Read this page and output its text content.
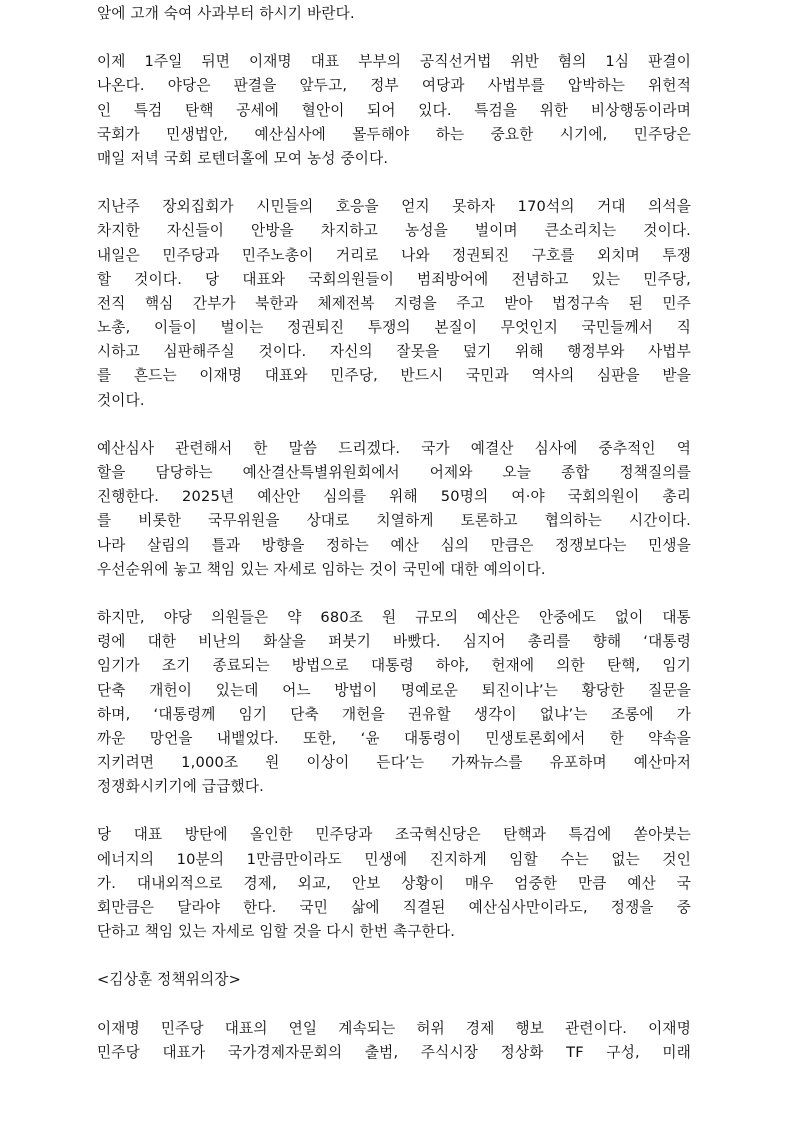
앞에 고개 숙여 사과부터 하시기 바란다.
이제 1주일 뒤면 이재명 대표 부부의 공직선거법 위반 혐의 1심 판결이
나온다. 야당은 판결을 앞두고, 정부 여당과 사법부를 압박하는 위헌적
인 특검 탄핵 공세에 혈안이 되어 있다. 특검을 위한 비상행동이라며
국회가 민생법안, 예산심사에 몰두해야 하는 중요한 시기에, 민주당은
매일 저녁 국회 로텐더홀에 모여 농성 중이다.
지난주 장외집회가 시민들의 호응을 얻지 못하자 170석의 거대 의석을
차지한 자신들이 안방을 차지하고 농성을 벌이며 큰소리치는 것이다.
내일은 민주당과 민주노총이 거리로 나와 정권퇴진 구호를 외치며 투쟁
할 것이다. 당 대표와 국회의원들이 범죄방어에 전념하고 있는 민주당,
전직 핵심 간부가 북한과 체제전복 지령을 주고 받아 법정구속 된 민주
노총, 이들이 벌이는 정권퇴진 투쟁의 본질이 무엇인지 국민들께서 직
시하고 심판해주실 것이다. 자신의 잘못을 덮기 위해 행정부와 사법부
를 흔드는 이재명 대표와 민주당, 반드시 국민과 역사의 심판을 받을
것이다.
예산심사 관련해서 한 말씀 드리겠다. 국가 예결산 심사에 중추적인 역
할을 담당하는 예산결산특별위원회에서 어제와 오늘 종합 정책질의를
진행한다. 2025년 예산안 심의를 위해 50명의 여·야 국회의원이 총리
를 비롯한 국무위원을 상대로 치열하게 토론하고 협의하는 시간이다.
나라 살림의 틀과 방향을 정하는 예산 심의 만큼은 정쟁보다는 민생을
우선순위에 놓고 책임 있는 자세로 임하는 것이 국민에 대한 예의이다.
하지만, 야당 의원들은 약 680조 원 규모의 예산은 안중에도 없이 대통
령에 대한 비난의 화살을 퍼붓기 바빴다. 심지어 총리를 향해 ‘대통령
임기가 조기 종료되는 방법으로 대통령 하야, 헌재에 의한 탄핵, 임기
단축 개헌이 있는데 어느 방법이 명예로운 퇴진이냐’는 황당한 질문을
하며, ‘대통령께 임기 단축 개헌을 권유할 생각이 없냐’는 조롱에 가
까운 망언을 내뱉었다. 또한, ‘윤 대통령이 민생토론회에서 한 약속을
지키려면 1,000조 원 이상이 든다’는 가짜뉴스를 유포하며 예산마저
정쟁화시키기에 급급했다.
당 대표 방탄에 올인한 민주당과 조국혁신당은 탄핵과 특검에 쏟아붓는
에너지의 10분의 1만큼만이라도 민생에 진지하게 임할 수는 없는 것인
가. 대내외적으로 경제, 외교, 안보 상황이 매우 엄중한 만큼 예산 국
회만큼은 달라야 한다. 국민 삶에 직결된 예산심사만이라도, 정쟁을 중
단하고 책임 있는 자세로 임할 것을 다시 한번 촉구한다.
<김상훈 정책위의장>
이재명 민주당 대표의 연일 계속되는 허위 경제 행보 관련이다. 이재명
민주당 대표가 국가경제자문회의 출범, 주식시장 정상화 TF 구성, 미래
